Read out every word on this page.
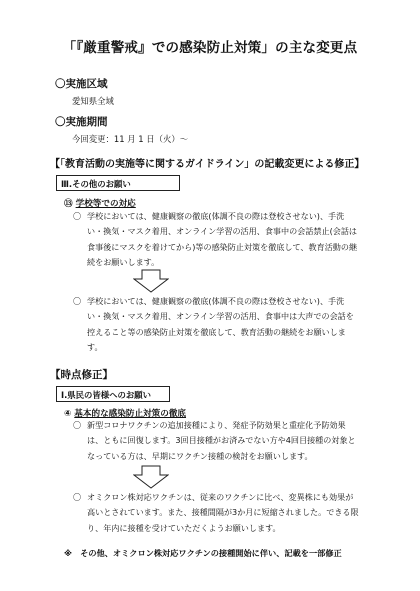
「『厳重警戒』での感染防止対策」の主な変更点
〇実施区域
愛知県全域
〇実施期間
今回変更：11 月 1 日（火）〜
【「教育活動の実施等に関するガイドライン」の記載変更による修正】
Ⅲ.その他のお願い
⑬ 学校等での対応
〇 学校においては、健康観察の徹底(体調不良の際は登校させない)、手洗い・換気・マスク着用、オンライン学習の活用、食事中の会話禁止(会話は食事後にマスクを着けてから)等の感染防止対策を徹底して、教育活動の継続をお願いします。
〇 学校においては、健康観察の徹底(体調不良の際は登校させない)、手洗い・換気・マスク着用、オンライン学習の活用、食事中は大声での会話を控えること等の感染防止対策を徹底して、教育活動の継続をお願いします。
【時点修正】
Ⅰ.県民の皆様へのお願い
④ 基本的な感染防止対策の徹底
〇 新型コロナワクチンの追加接種により、発症予防効果と重症化予防効果は、ともに回復します。3回目接種がお済みでない方や4回目接種の対象となっている方は、早期にワクチン接種の検討をお願いします。
〇 オミクロン株対応ワクチンは、従来のワクチンに比べ、変異株にも効果が高いとされています。また、接種間隔が3か月に短縮されました。できる限り、年内に接種を受けていただくようお願いします。
※　その他、オミクロン株対応ワクチンの接種開始に伴い、記載を一部修正
